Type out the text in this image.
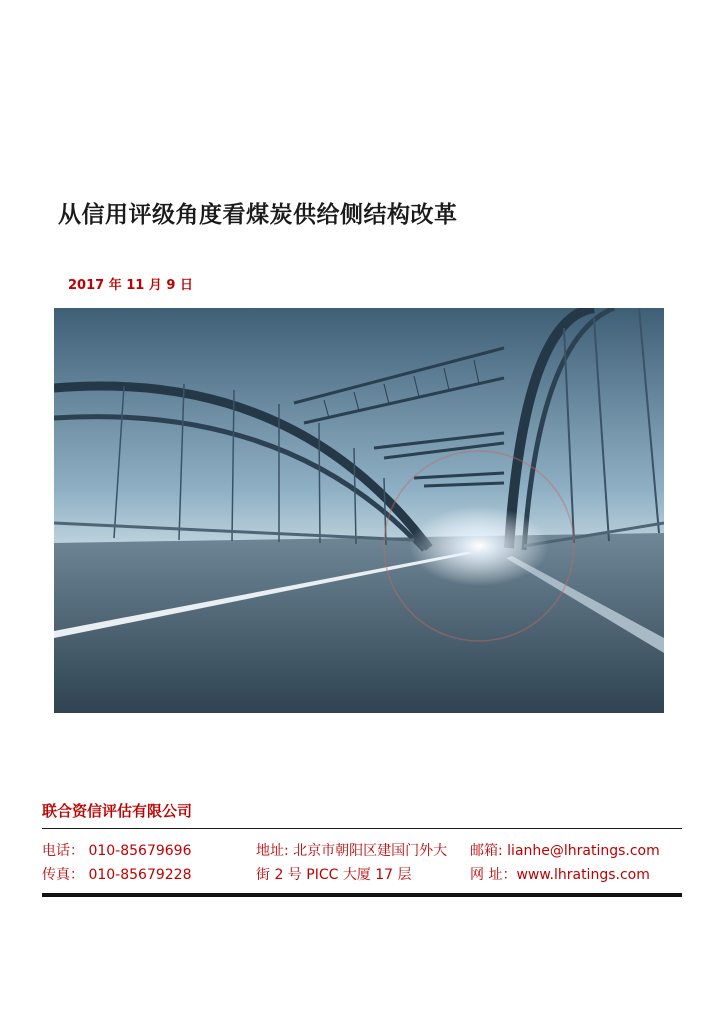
从信用评级角度看煤炭供给侧结构改革
2017 年 11 月 9 日
联合资信评估有限公司
电话： 010-85679696
传真： 010-85679228
地址: 北京市朝阳区建国门外大
街 2 号 PICC 大厦 17 层
邮箱: lianhe@lhratings.com
网 址：www.lhratings.com
